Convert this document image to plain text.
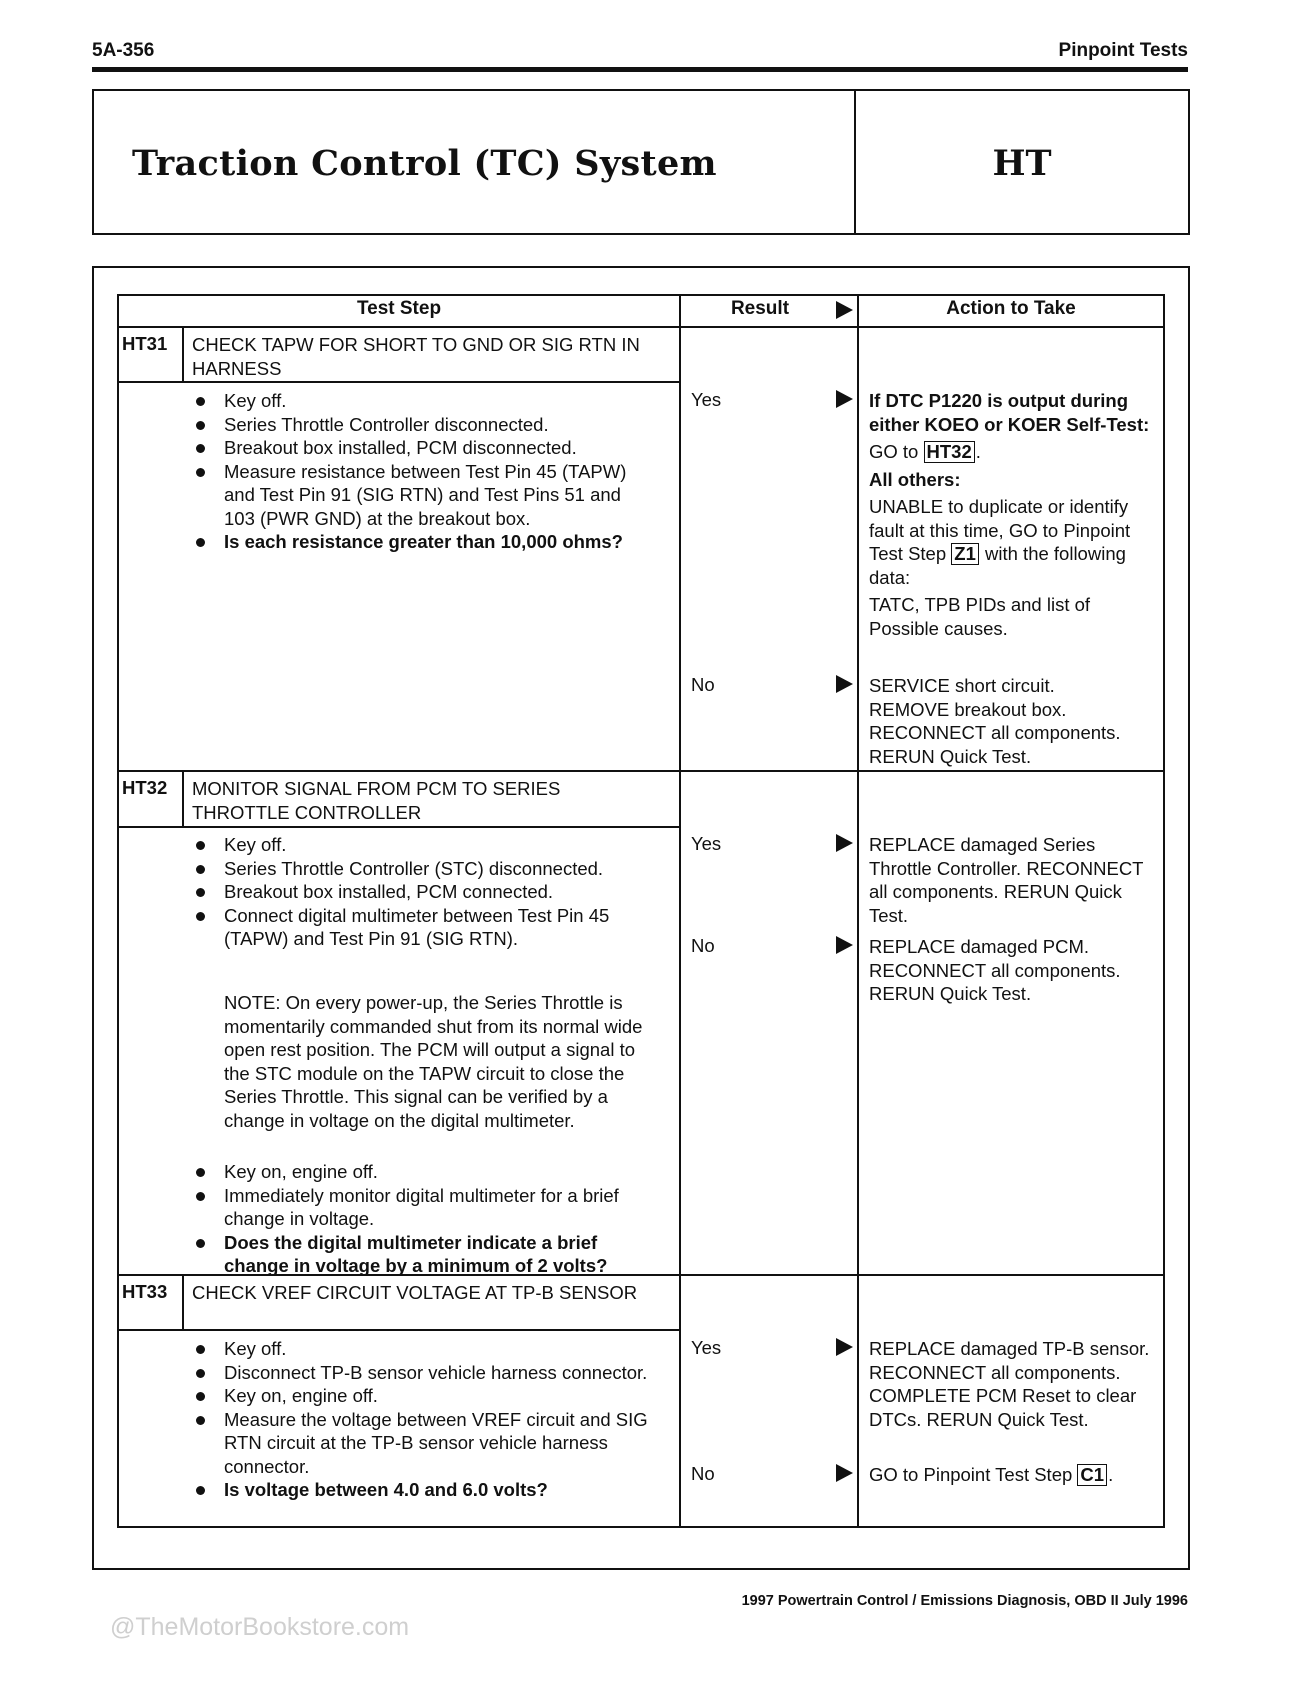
5A-356	Pinpoint Tests
Traction Control (TC) System	HT
Test Step	Result	Action to Take
HT31 CHECK TAPW FOR SHORT TO GND OR SIG RTN IN HARNESS
Key off.
Series Throttle Controller disconnected.
Breakout box installed, PCM disconnected.
Measure resistance between Test Pin 45 (TAPW) and Test Pin 91 (SIG RTN) and Test Pins 51 and 103 (PWR GND) at the breakout box.
Is each resistance greater than 10,000 ohms?
Yes	If DTC P1220 is output during either KOEO or KOER Self-Test:
GO to HT32 .
All others:
UNABLE to duplicate or identify fault at this time, GO to Pinpoint Test Step Z1 with the following data:
TATC, TPB PIDs and list of Possible causes.
No	SERVICE short circuit.
REMOVE breakout box.
RECONNECT all components.
RERUN Quick Test.
HT32 MONITOR SIGNAL FROM PCM TO SERIES THROTTLE CONTROLLER
Key off.
Series Throttle Controller (STC) disconnected.
Breakout box installed, PCM connected.
Connect digital multimeter between Test Pin 45 (TAPW) and Test Pin 91 (SIG RTN).
NOTE: On every power-up, the Series Throttle is momentarily commanded shut from its normal wide open rest position. The PCM will output a signal to the STC module on the TAPW circuit to close the Series Throttle. This signal can be verified by a change in voltage on the digital multimeter.
Key on, engine off.
Immediately monitor digital multimeter for a brief change in voltage.
Does the digital multimeter indicate a brief change in voltage by a minimum of 2 volts?
Yes	REPLACE damaged Series Throttle Controller. RECONNECT all components. RERUN Quick Test.
No	REPLACE damaged PCM. RECONNECT all components. RERUN Quick Test.
HT33 CHECK VREF CIRCUIT VOLTAGE AT TP-B SENSOR
Key off.
Disconnect TP-B sensor vehicle harness connector.
Key on, engine off.
Measure the voltage between VREF circuit and SIG RTN circuit at the TP-B sensor vehicle harness connector.
Is voltage between 4.0 and 6.0 volts?
Yes	REPLACE damaged TP-B sensor. RECONNECT all components. COMPLETE PCM Reset to clear DTCs. RERUN Quick Test.
No	GO to Pinpoint Test Step C1 .
1997 Powertrain Control / Emissions Diagnosis, OBD II July 1996
@TheMotorBookstore.com
